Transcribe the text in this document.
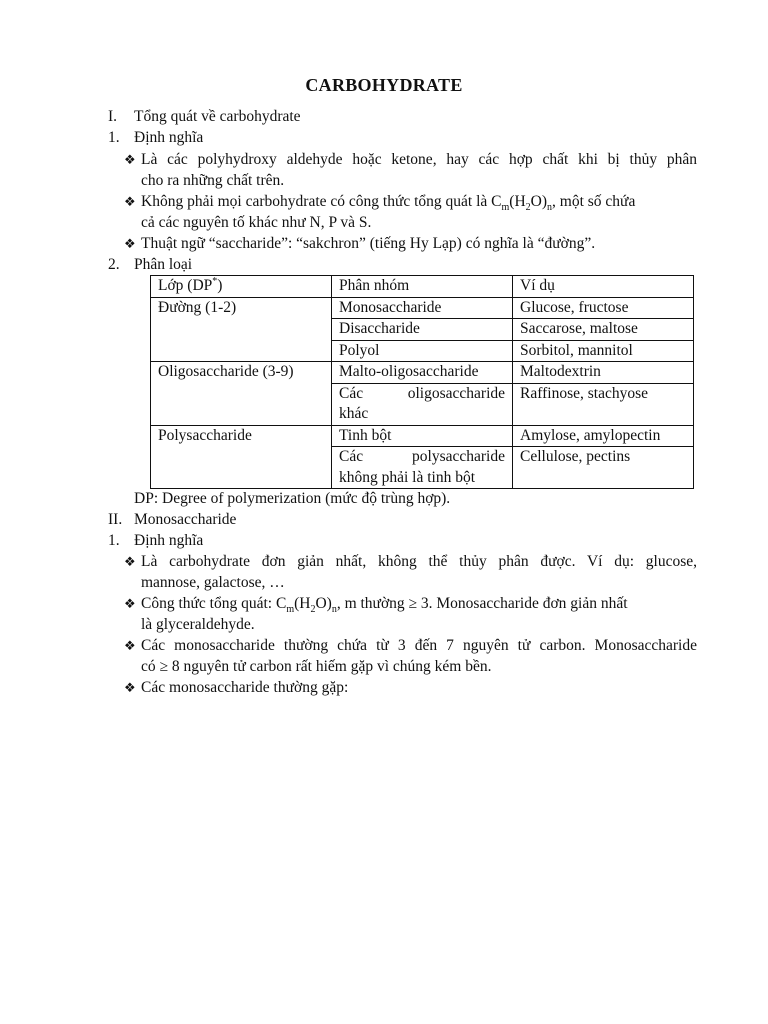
CARBOHYDRATE
I. Tổng quát về carbohydrate
1. Định nghĩa
❖ Là các polyhydroxy aldehyde hoặc ketone, hay các hợp chất khi bị thủy phân
cho ra những chất trên.
❖ Không phải mọi carbohydrate có công thức tổng quát là $C_m(H_2O)_n$, một số chứa
cả các nguyên tố khác như N, P và S.
❖ Thuật ngữ “saccharide”: “sakchron” (tiếng Hy Lạp) có nghĩa là “đường”.
2. Phân loại
Lớp (DP*)	Phân nhóm	Ví dụ
Đường (1-2)	Monosaccharide	Glucose, fructose
	Disaccharide	Saccarose, maltose
	Polyol	Sorbitol, mannitol
Oligosaccharide (3-9)	Malto-oligosaccharide	Maltodextrin

	Các oligosaccharide
khác	Raffinose, stachyose
Polysaccharide	Tinh bột	Amylose, amylopectin

	Các polysaccharide
không phải là tinh bột	Cellulose, pectins
DP: Degree of polymerization (mức độ trùng hợp).
II. Monosaccharide
1. Định nghĩa
❖ Là carbohydrate đơn giản nhất, không thể thủy phân được. Ví dụ: glucose,
mannose, galactose, …
❖ Công thức tổng quát: $C_m(H_2O)_n$, m thường ≥ 3. Monosaccharide đơn giản nhất
là glyceraldehyde.
❖ Các monosaccharide thường chứa từ 3 đến 7 nguyên tử carbon. Monosaccharide
có ≥ 8 nguyên tử carbon rất hiếm gặp vì chúng kém bền.
❖ Các monosaccharide thường gặp:
